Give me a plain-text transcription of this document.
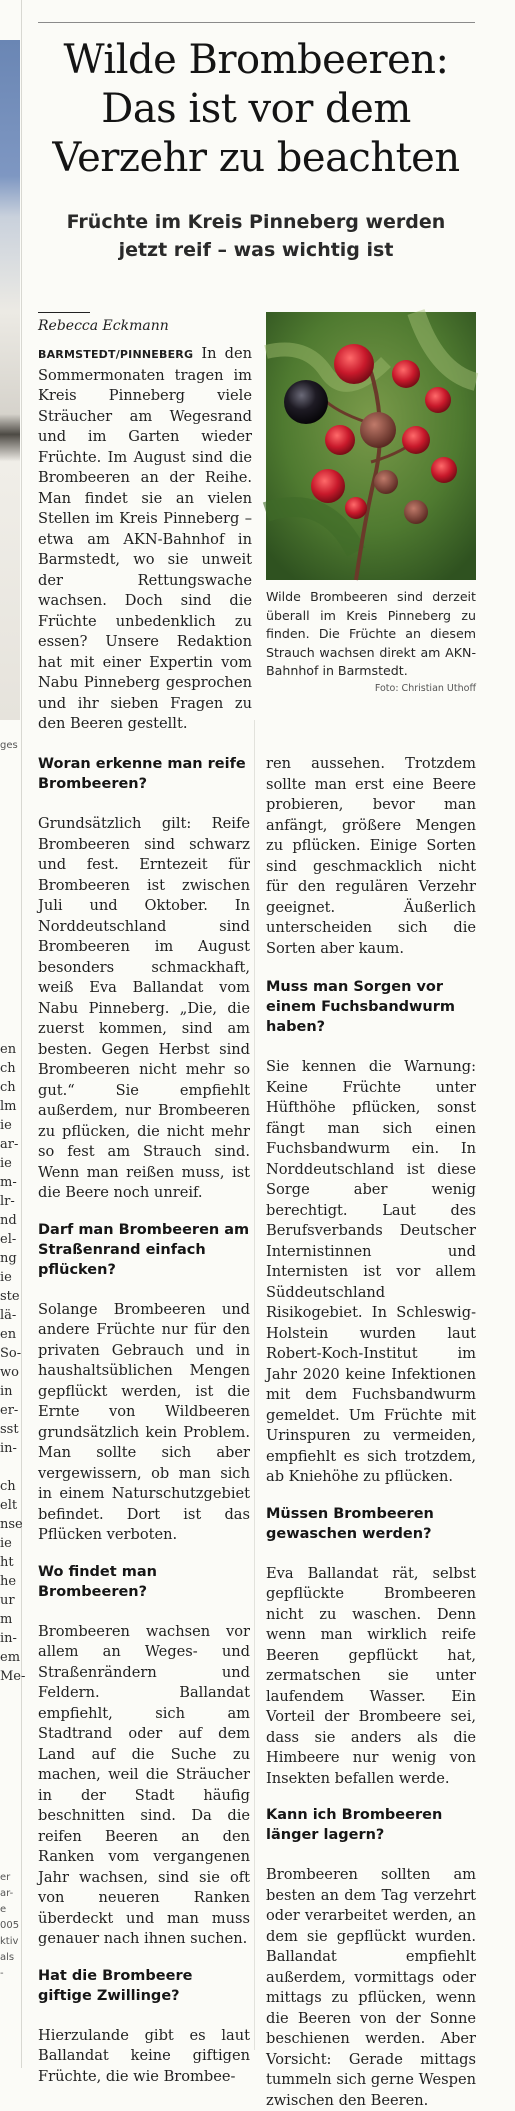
ges
en
ch
ch
lm
ie
ar-
ie
m-
lr-
nd
el-
ng
ie
ste
lä-
en
So-
wo
in
er-
sst
in-

ch
elt
nse
ie
ht
he
ur
m
in-
em
Me-
er
ar-
e
005
ktiv
als
-
Wilde Brombeeren: Das ist vor dem Verzehr zu beachten
Früchte im Kreis Pinneberg werden jetzt reif – was wichtig ist
Rebecca Eckmann

BARMSTEDT/PINNEBERG In den Sommermonaten tragen im Kreis Pinneberg viele Sträucher am Wegesrand und im Garten wieder Früchte. Im August sind die Brombeeren an der Reihe. Man findet sie an vielen Stellen im Kreis Pinneberg – etwa am AKN-Bahnhof in Barmstedt, wo sie unweit der Rettungswache wachsen. Doch sind die Früchte unbedenklich zu essen? Unsere Redaktion hat mit einer Expertin vom Nabu Pinneberg gesprochen und ihr sieben Fragen zu den Beeren gestellt.

Wilde Brombeeren sind derzeit überall im Kreis Pinneberg zu finden. Die Früchte an diesem Strauch wachsen direkt am AKN-Bahnhof in Barmstedt.
Foto: Christian Uthoff
Woran erkenne man reife Brombeeren?

Grundsätzlich gilt: Reife Brombeeren sind schwarz und fest. Erntezeit für Brombeeren ist zwischen Juli und Oktober. In Norddeutschland sind Brombeeren im August besonders schmackhaft, weiß Eva Ballandat vom Nabu Pinneberg. „Die, die zuerst kommen, sind am besten. Gegen Herbst sind Brombeeren nicht mehr so gut.“ Sie empfiehlt außerdem, nur Brombeeren zu pflücken, die nicht mehr so fest am Strauch sind. Wenn man reißen muss, ist die Beere noch unreif.

Darf man Brombeeren am Straßenrand einfach pflücken?

Solange Brombeeren und andere Früchte nur für den privaten Gebrauch und in haushaltsüblichen Mengen gepflückt werden, ist die Ernte von Wildbeeren grundsätzlich kein Problem. Man sollte sich aber vergewissern, ob man sich in einem Naturschutzgebiet befindet. Dort ist das Pflücken verboten.

Wo findet man Brombeeren?

Brombeeren wachsen vor allem an Weges- und Straßenrändern und Feldern. Ballandat empfiehlt, sich am Stadtrand oder auf dem Land auf die Suche zu machen, weil die Sträucher in der Stadt häufig beschnitten sind. Da die reifen Beeren an den Ranken vom vergangenen Jahr wachsen, sind sie oft von neueren Ranken überdeckt und man muss genauer nach ihnen suchen.

Hat die Brombeere giftige Zwillinge?

Hierzulande gibt es laut Ballandat keine giftigen Früchte, die wie Brombee-

ren aussehen. Trotzdem sollte man erst eine Beere probieren, bevor man anfängt, größere Mengen zu pflücken. Einige Sorten sind geschmacklich nicht für den regulären Verzehr geeignet. Äußerlich unterscheiden sich die Sorten aber kaum.

Muss man Sorgen vor einem Fuchsbandwurm haben?

Sie kennen die Warnung: Keine Früchte unter Hüfthöhe pflücken, sonst fängt man sich einen Fuchsbandwurm ein. In Norddeutschland ist diese Sorge aber wenig berechtigt. Laut des Berufsverbands Deutscher Internistinnen und Internisten ist vor allem Süddeutschland Risikogebiet. In Schleswig-Holstein wurden laut Robert-Koch-Institut im Jahr 2020 keine Infektionen mit dem Fuchsbandwurm gemeldet. Um Früchte mit Urinspuren zu vermeiden, empfiehlt es sich trotzdem, ab Kniehöhe zu pflücken.

Müssen Brombeeren gewaschen werden?

Eva Ballandat rät, selbst gepflückte Brombeeren nicht zu waschen. Denn wenn man wirklich reife Beeren gepflückt hat, zermatschen sie unter laufendem Wasser. Ein Vorteil der Brombeere sei, dass sie anders als die Himbeere nur wenig von Insekten befallen werde.

Kann ich Brombeeren länger lagern?

Brombeeren sollten am besten an dem Tag verzehrt oder verarbeitet werden, an dem sie gepflückt wurden. Ballandat empfiehlt außerdem, vormittags oder mittags zu pflücken, wenn die Beeren von der Sonne beschienen werden. Aber Vorsicht: Gerade mittags tummeln sich gerne Wespen zwischen den Beeren.
